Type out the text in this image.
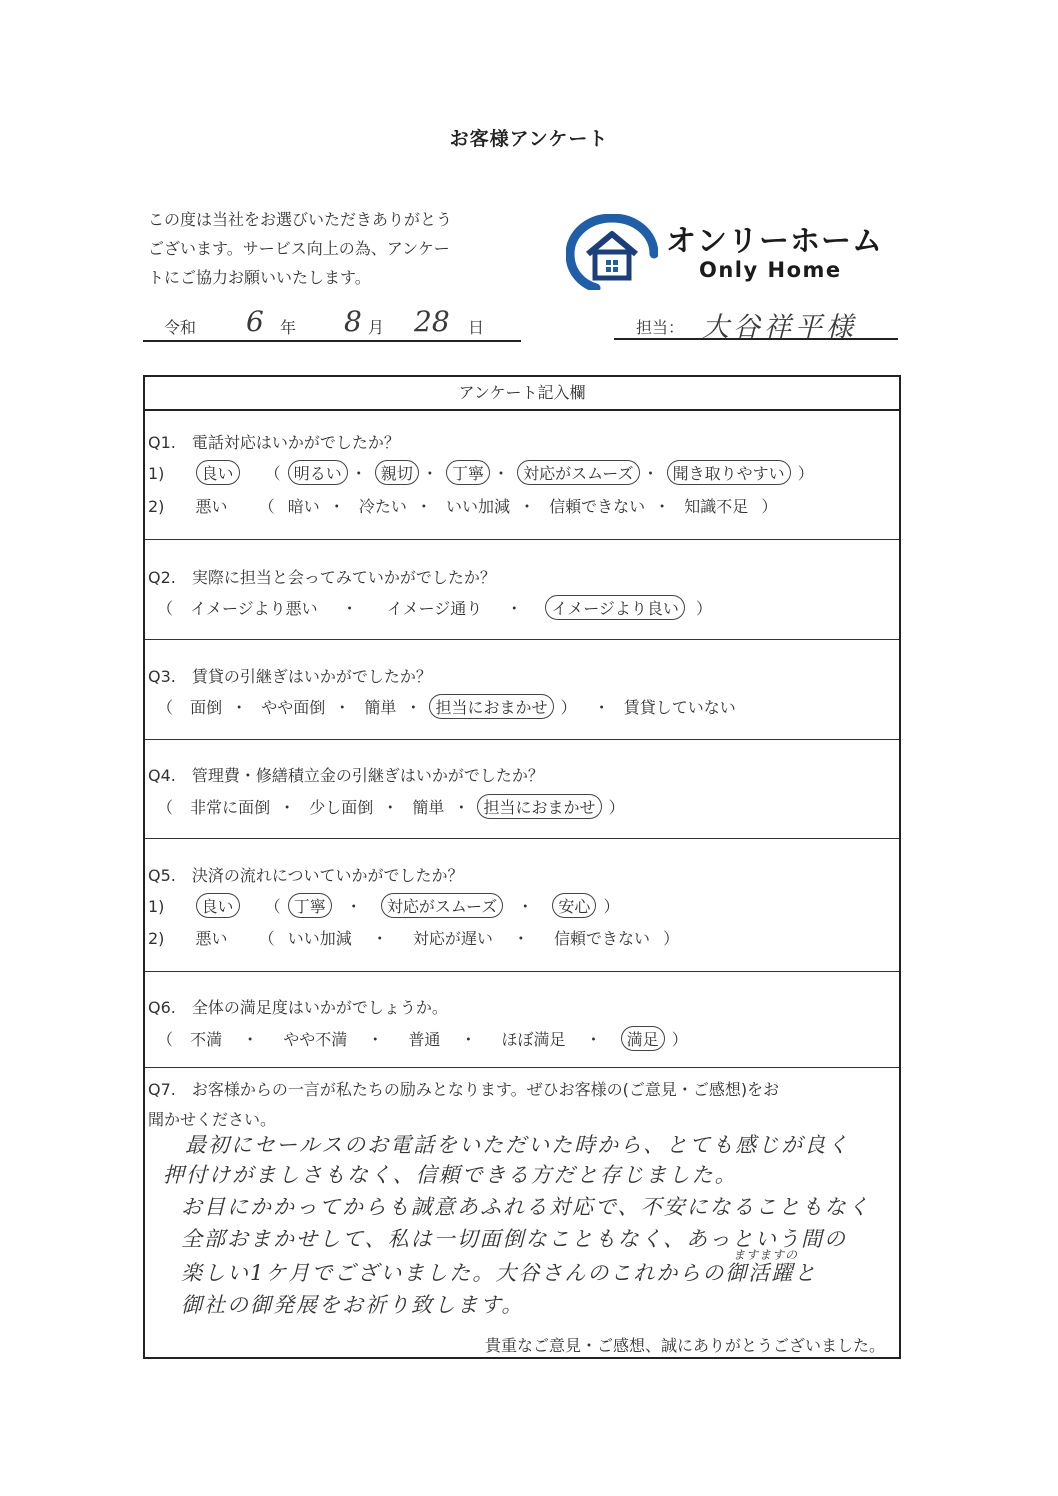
お客様アンケート
この度は当社をお選びいただきありがとう
ございます。サービス向上の為、アンケー
トにご協力お願いいたします。
オンリーホーム
Only Home
令和 6 年 8 月 28 日	担当： 大谷祥平様
アンケート記入欄
Q1.　電話対応はいかがでしたか？
1) 良い （ 明るい ・ 親切 ・ 丁寧 ・ 対応がスムーズ ・ 聞き取りやすい ）
2) 悪い （ 暗い ・ 冷たい ・ いい加減 ・ 信頼できない ・ 知識不足 ）
Q2.　実際に担当と会ってみていかがでしたか？
（ イメージより悪い ・ イメージ通り ・ イメージより良い ）
Q3.　賃貸の引継ぎはいかがでしたか？
（ 面倒 ・ やや面倒 ・ 簡単 ・ 担当におまかせ ） ・ 賃貸していない
Q4.　管理費・修繕積立金の引継ぎはいかがでしたか？
（ 非常に面倒 ・ 少し面倒 ・ 簡単 ・ 担当におまかせ ）
Q5.　決済の流れについていかがでしたか？
1) 良い （ 丁寧 ・ 対応がスムーズ ・ 安心 ）
2) 悪い （ いい加減 ・ 対応が遅い ・ 信頼できない ）
Q6.　全体の満足度はいかがでしょうか。
（ 不満 ・ やや不満 ・ 普通 ・ ほぼ満足 ・ 満足 ）
Q7.　お客様からの一言が私たちの励みとなります。ぜひお客様の(ご意見・ご感想)をお
聞かせください。
最初にセールスのお電話をいただいた時から、とても感じが良く
押付けがましさもなく、信頼できる方だと存じました。
お目にかかってからも誠意あふれる対応で、不安になることもなく
全部おまかせして、私は一切面倒なこともなく、あっという間の
ますますの
楽しい1ケ月でございました。大谷さんのこれからの御活躍と
御社の御発展をお祈り致します。
貴重なご意見・ご感想、誠にありがとうございました。
